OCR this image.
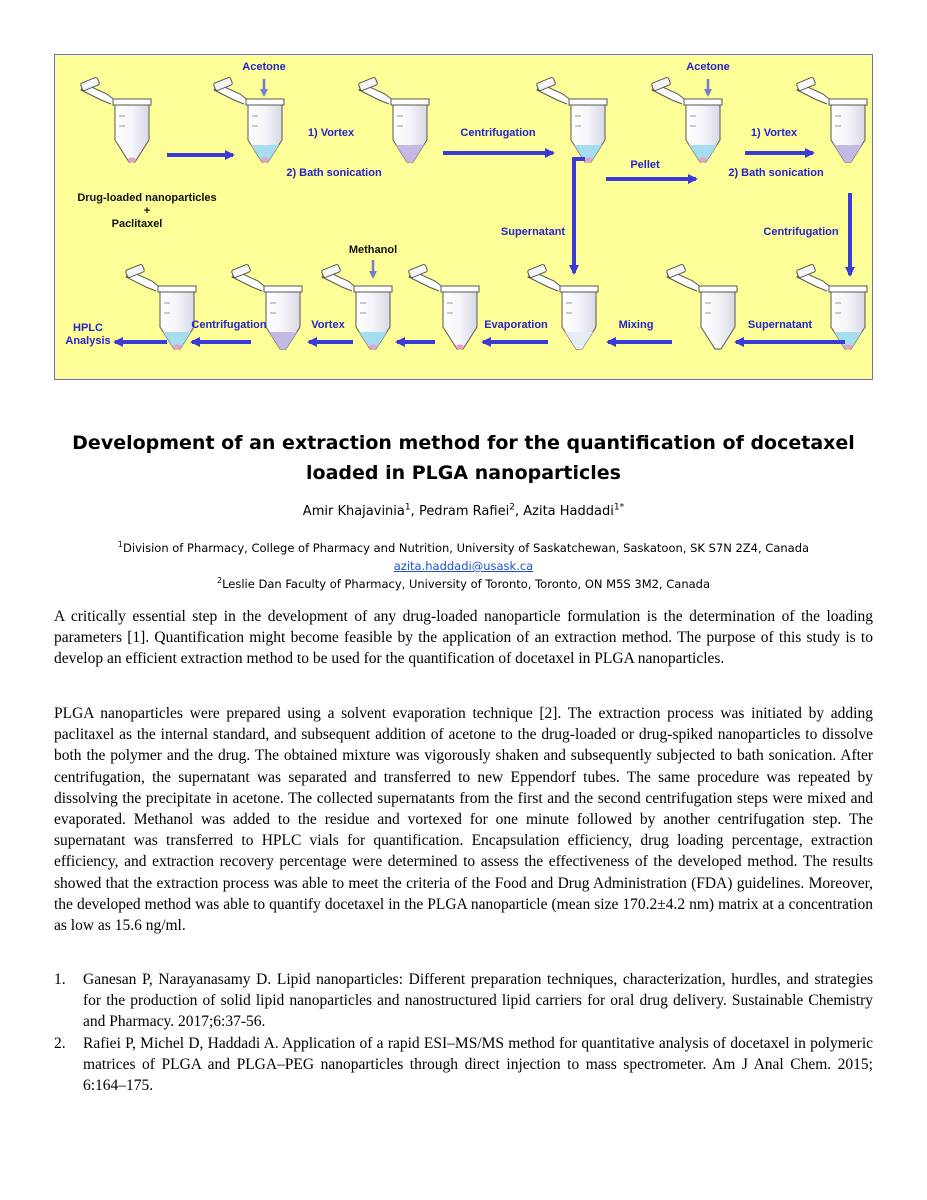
Acetone	Acetone
1) Vortex
2) Bath sonication
Centrifugation
Pellet
1) Vortex
2) Bath sonication
Drug-loaded nanoparticles
+
Paclitaxel
Supernatant	Centrifugation
Methanol
HPLC
Analysis
Centrifugation	Vortex	Evaporation	Mixing	Supernatant
Development of an extraction method for the quantification of docetaxel loaded in PLGA nanoparticles
Amir Khajavinia$^1$, Pedram Rafiei$^2$, Azita Haddadi$^{1*}$
$^1$Division of Pharmacy, College of Pharmacy and Nutrition, University of Saskatchewan, Saskatoon, SK S7N 2Z4, Canada
azita.haddadi@usask.ca
$^2$Leslie Dan Faculty of Pharmacy, University of Toronto, Toronto, ON M5S 3M2, Canada

A critically essential step in the development of any drug-loaded nanoparticle formulation is the determination of the loading parameters [1]. Quantification might become feasible by the application of an extraction method. The purpose of this study is to develop an efficient extraction method to be used for the quantification of docetaxel in PLGA nanoparticles.

PLGA nanoparticles were prepared using a solvent evaporation technique [2]. The extraction process was initiated by adding paclitaxel as the internal standard, and subsequent addition of acetone to the drug-loaded or drug-spiked nanoparticles to dissolve both the polymer and the drug. The obtained mixture was vigorously shaken and subsequently subjected to bath sonication. After centrifugation, the supernatant was separated and transferred to new Eppendorf tubes. The same procedure was repeated by dissolving the precipitate in acetone. The collected supernatants from the first and the second centrifugation steps were mixed and evaporated. Methanol was added to the residue and vortexed for one minute followed by another centrifugation step. The supernatant was transferred to HPLC vials for quantification. Encapsulation efficiency, drug loading percentage, extraction efficiency, and extraction recovery percentage were determined to assess the effectiveness of the developed method. The results showed that the extraction process was able to meet the criteria of the Food and Drug Administration (FDA) guidelines. Moreover, the developed method was able to quantify docetaxel in the PLGA nanoparticle (mean size 170.2±4.2 nm) matrix at a concentration as low as 15.6 ng/ml.

1. Ganesan P, Narayanasamy D. Lipid nanoparticles: Different preparation techniques, characterization, hurdles, and strategies for the production of solid lipid nanoparticles and nanostructured lipid carriers for oral drug delivery. Sustainable Chemistry and Pharmacy. 2017;6:37-56.
2. Rafiei P, Michel D, Haddadi A. Application of a rapid ESI–MS/MS method for quantitative analysis of docetaxel in polymeric matrices of PLGA and PLGA–PEG nanoparticles through direct injection to mass spectrometer. Am J Anal Chem. 2015; 6:164–175.
